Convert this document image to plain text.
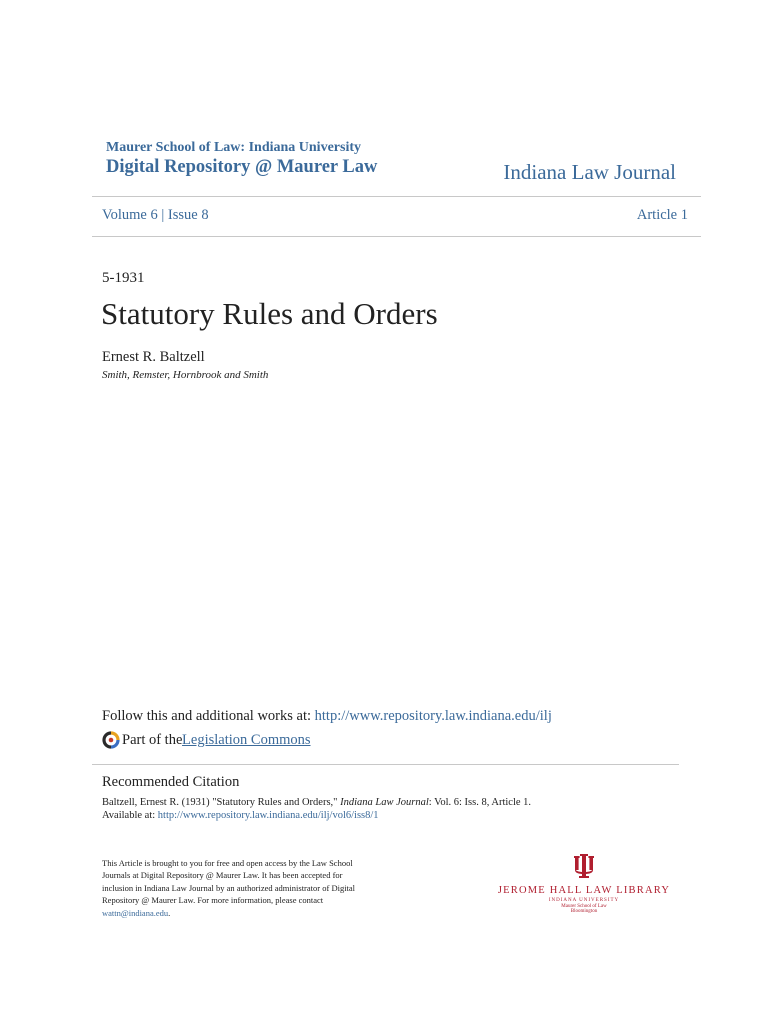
Maurer School of Law: Indiana University
Digital Repository @ Maurer Law	Indiana Law Journal
Volume 6 | Issue 8	Article 1
5-1931
Statutory Rules and Orders
Ernest R. Baltzell
Smith, Remster, Hornbrook and Smith
Follow this and additional works at: http://www.repository.law.indiana.edu/ilj
Part of the
Legislation Commons
Recommended Citation
Baltzell, Ernest R. (1931) "Statutory Rules and Orders," Indiana Law Journal: Vol. 6: Iss. 8, Article 1.
Available at: http://www.repository.law.indiana.edu/ilj/vol6/iss8/1
This Article is brought to you for free and open access by the Law School
Journals at Digital Repository @ Maurer Law. It has been accepted for
inclusion in Indiana Law Journal by an authorized administrator of Digital
Repository @ Maurer Law. For more information, please contact
wattn@indiana.edu.
JEROME HALL LAW LIBRARY
INDIANA UNIVERSITY
Maurer School of Law
Bloomington
